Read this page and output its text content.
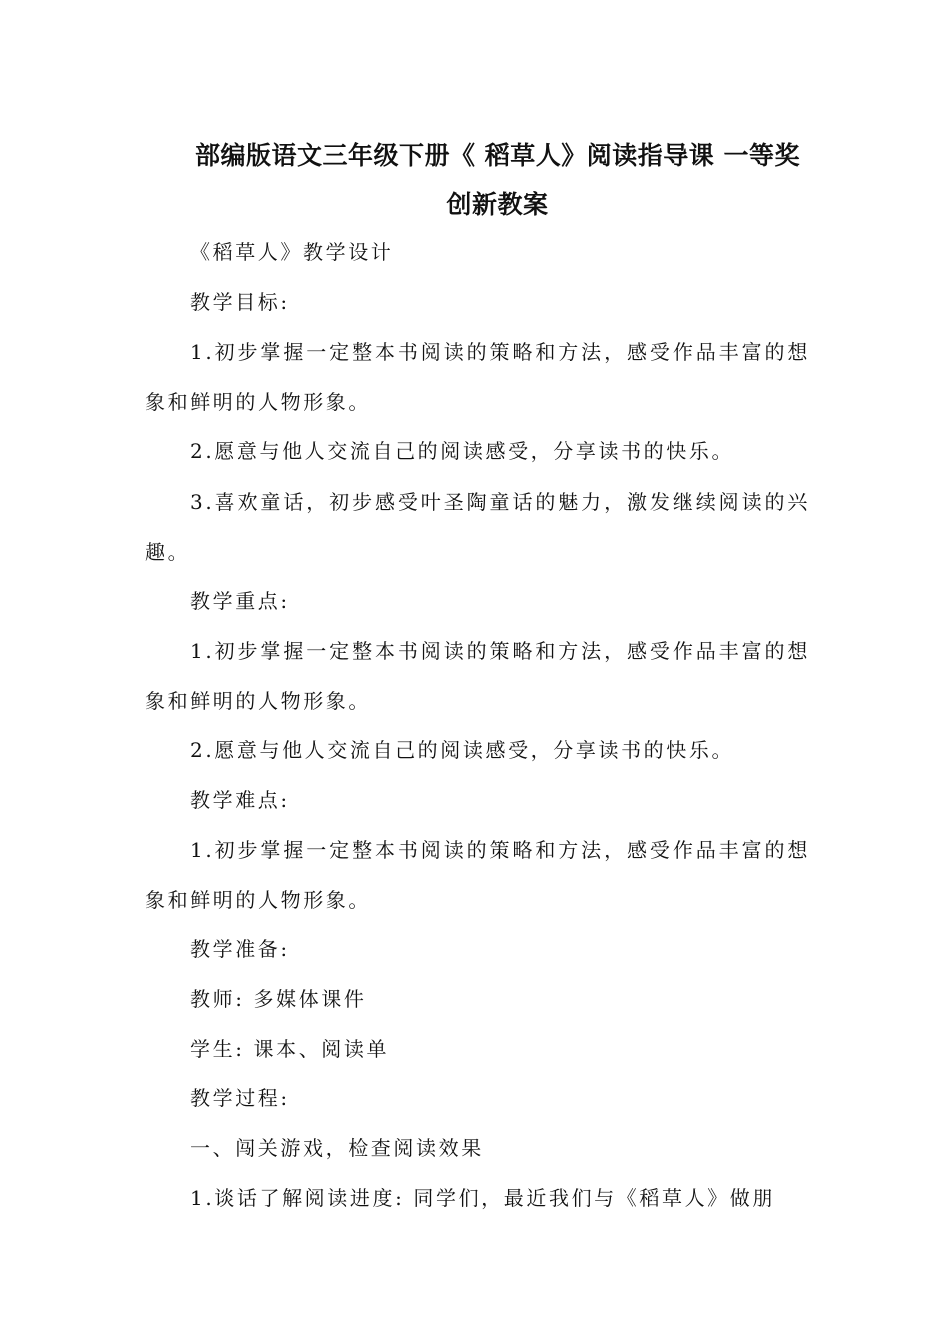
部编版语文三年级下册《 稻草人》阅读指导课 一等奖
创新教案
《稻草人》教学设计
教学目标:
1.初步掌握一定整本书阅读的策略和方法，感受作品丰富的想象和鲜明的人物形象。
2.愿意与他人交流自己的阅读感受，分享读书的快乐。
3.喜欢童话，初步感受叶圣陶童话的魅力，激发继续阅读的兴趣。
教学重点:
1.初步掌握一定整本书阅读的策略和方法，感受作品丰富的想象和鲜明的人物形象。
2.愿意与他人交流自己的阅读感受，分享读书的快乐。
教学难点:
1.初步掌握一定整本书阅读的策略和方法，感受作品丰富的想象和鲜明的人物形象。
教学准备:
教师: 多媒体课件
学生: 课本、阅读单
教学过程:
一、闯关游戏，检查阅读效果
1.谈话了解阅读进度: 同学们，最近我们与《稻草人》做朋
